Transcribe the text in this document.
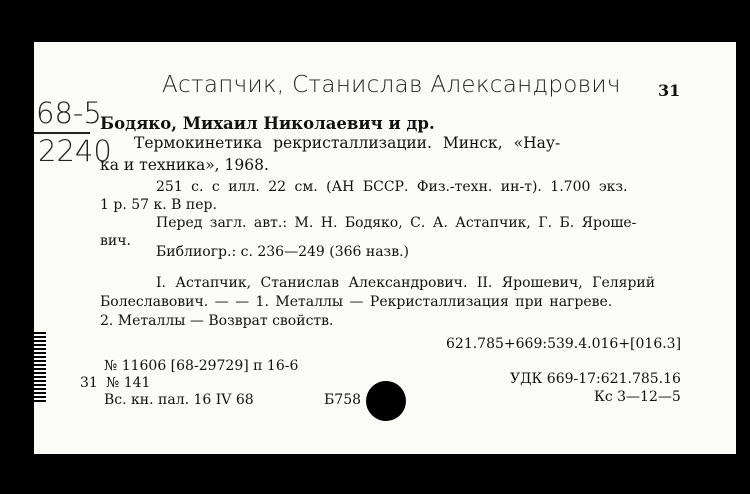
Астапчик, Станислав Александрович 31
68-5
2240
Бодяко, Михаил Николаевич и др.
Термокинетика рекристаллизации. Минск, «Нау-
ка и техника», 1968.
251 с. с илл. 22 см. (АН БССР. Физ.-техн. ин-т). 1.700 экз.
1 р. 57 к. В пер.
Перед загл. авт.: М. Н. Бодяко, С. А. Астапчик, Г. Б. Ярошe-
вич.
Библиогр.: с. 236—249 (366 назв.)
I. Астапчик, Станислав Александрович. II. Ярошевич, Гелярий
Болеславович. — — 1. Металлы — Рекристаллизация при нагреве.
2. Металлы — Возврат свойств.
621.785+669:539.4.016+[016.3]
№ 11606 [68-29729] п 16-6
31 № 141	УДК 669-17:621.785.16
Вс. кн. пал. 16 IV 68	Б758	Кс 3—12—5
